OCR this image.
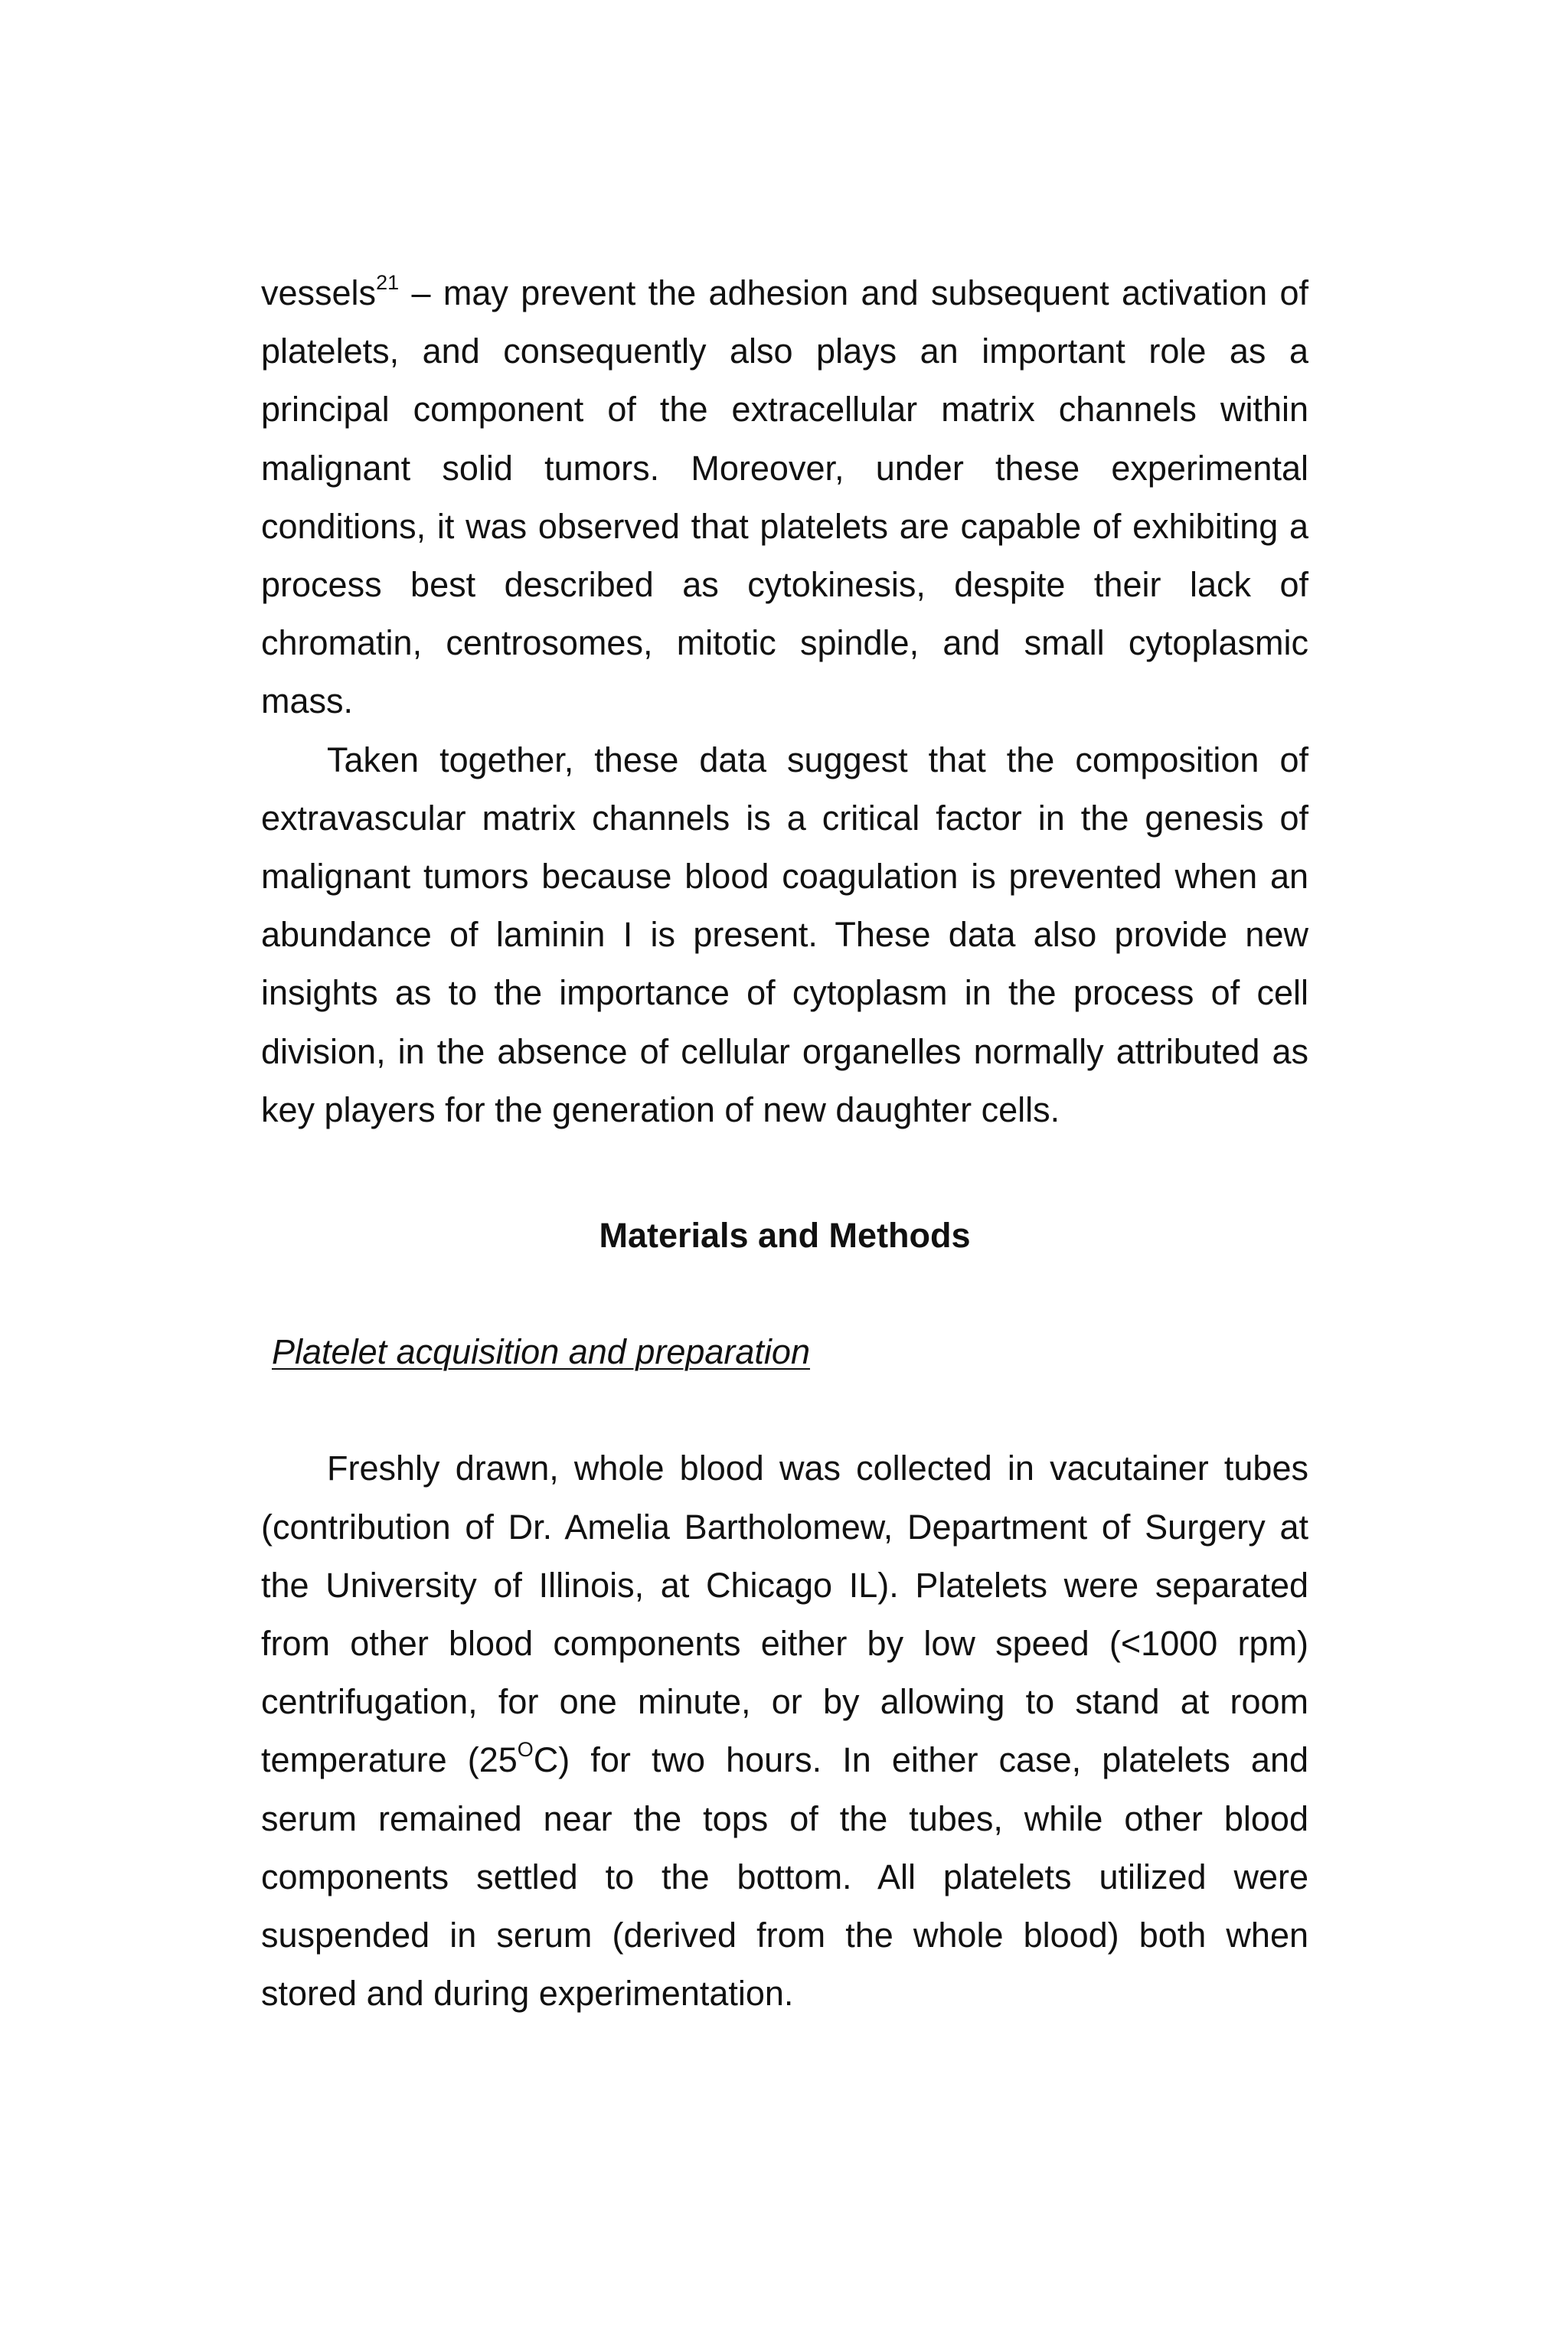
vessels$^{21}$ – may prevent the adhesion and subsequent activation of platelets, and consequently also plays an important role as a principal component of the extracellular matrix channels within malignant solid tumors. Moreover, under these experimental conditions, it was observed that platelets are capable of exhibiting a process best described as cytokinesis, despite their lack of chromatin, centrosomes, mitotic spindle, and small cytoplasmic mass.

Taken together, these data suggest that the composition of extravascular matrix channels is a critical factor in the genesis of malignant tumors because blood coagulation is prevented when an abundance of laminin I is present. These data also provide new insights as to the importance of cytoplasm in the process of cell division, in the absence of cellular organelles normally attributed as key players for the generation of new daughter cells.

Materials and Methods
Platelet acquisition and preparation

Freshly drawn, whole blood was collected in vacutainer tubes (contribution of Dr. Amelia Bartholomew, Department of Surgery at the University of Illinois, at Chicago IL). Platelets were separated from other blood components either by low speed (<1000 rpm) centrifugation, for one minute, or by allowing to stand at room temperature $(25^OC)$ for two hours. In either case, platelets and serum remained near the tops of the tubes, while other blood components settled to the bottom. All platelets utilized were suspended in serum (derived from the whole blood) both when stored and during experimentation.
